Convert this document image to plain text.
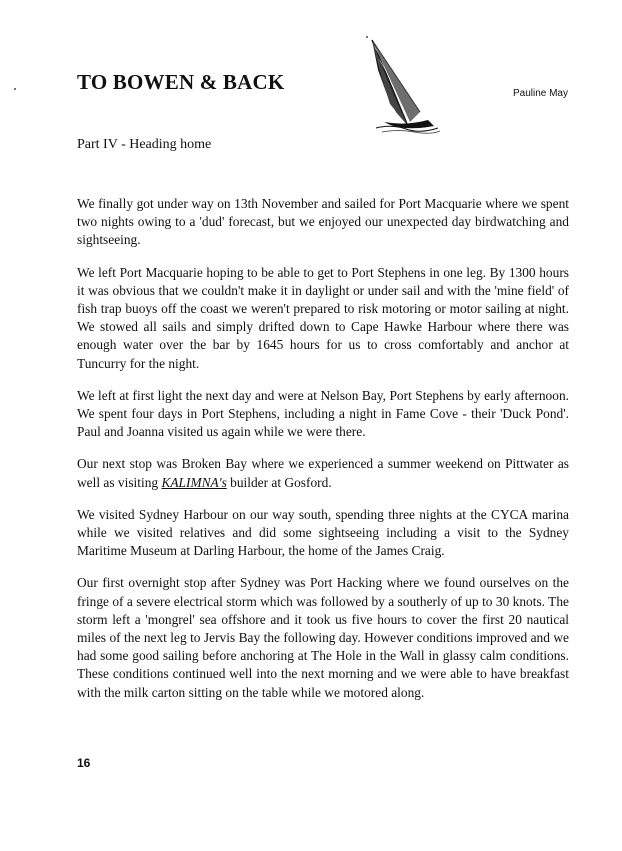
TO BOWEN & BACK	Pauline May
Part IV - Heading home

We finally got under way on 13th November and sailed for Port Macquarie where we spent two nights owing to a 'dud' forecast, but we enjoyed our unexpected day birdwatching and sightseeing.

We left Port Macquarie hoping to be able to get to Port Stephens in one leg. By 1300 hours it was obvious that we couldn't make it in daylight or under sail and with the 'mine field' of fish trap buoys off the coast we weren't prepared to risk motoring or motor sailing at night. We stowed all sails and simply drifted down to Cape Hawke Harbour where there was enough water over the bar by 1645 hours for us to cross comfortably and anchor at Tuncurry for the night.

We left at first light the next day and were at Nelson Bay, Port Stephens by early afternoon. We spent four days in Port Stephens, including a night in Fame Cove - their 'Duck Pond'. Paul and Joanna visited us again while we were there.

Our next stop was Broken Bay where we experienced a summer weekend on Pittwater as well as visiting KALIMNA's builder at Gosford.

We visited Sydney Harbour on our way south, spending three nights at the CYCA marina while we visited relatives and did some sightseeing including a visit to the Sydney Maritime Museum at Darling Harbour, the home of the James Craig.

Our first overnight stop after Sydney was Port Hacking where we found ourselves on the fringe of a severe electrical storm which was followed by a southerly of up to 30 knots. The storm left a 'mongrel' sea offshore and it took us five hours to cover the first 20 nautical miles of the next leg to Jervis Bay the following day. However conditions improved and we had some good sailing before anchoring at The Hole in the Wall in glassy calm conditions. These conditions continued well into the next morning and we were able to have breakfast with the milk carton sitting on the table while we motored along.

16
